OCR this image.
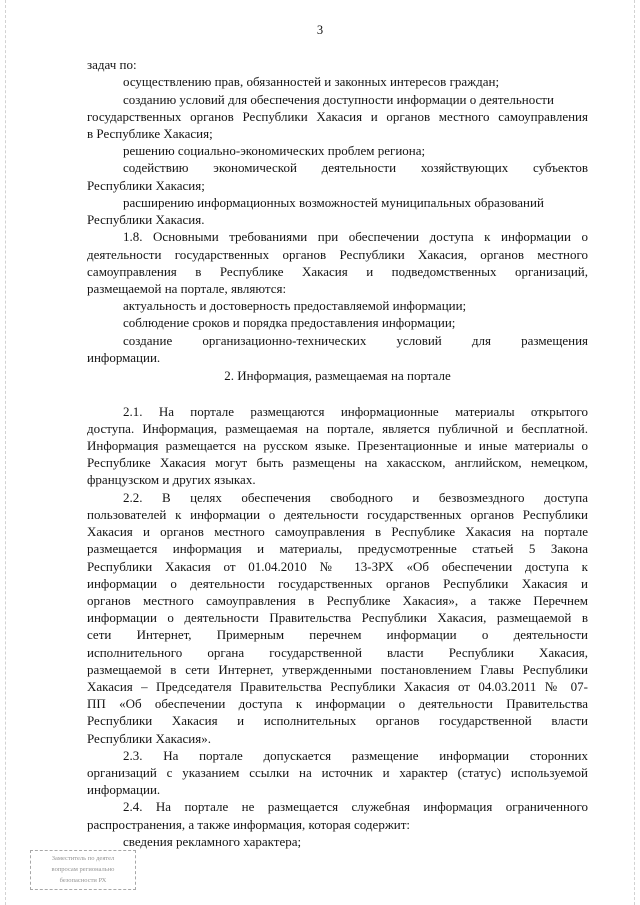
3
задач по:
осуществлению прав, обязанностей и законных интересов граждан;
созданию условий для обеспечения доступности информации о деятельности
государственных органов Республики Хакасия и органов местного самоуправления
в Республике Хакасия;
решению социально-экономических проблем региона;
содействию экономической деятельности хозяйствующих субъектов
Республики Хакасия;
расширению информационных возможностей муниципальных образований
Республики Хакасия.
1.8. Основными требованиями при обеспечении доступа к информации о
деятельности государственных органов Республики Хакасия, органов местного
самоуправления в Республике Хакасия и подведомственных организаций,
размещаемой на портале, являются:
актуальность и достоверность предоставляемой информации;
соблюдение сроков и порядка предоставления информации;
создание организационно-технических условий для размещения
информации.
2. Информация, размещаемая на портале
2.1. На портале размещаются информационные материалы открытого
доступа. Информация, размещаемая на портале, является публичной и бесплатной.
Информация размещается на русском языке. Презентационные и иные материалы о
Республике Хакасия могут быть размещены на хакасском, английском, немецком,
французском и других языках.
2.2. В целях обеспечения свободного и безвозмездного доступа
пользователей к информации о деятельности государственных органов Республики
Хакасия и органов местного самоуправления в Республике Хакасия на портале
размещается информация и материалы, предусмотренные статьей 5 Закона
Республики Хакасия от 01.04.2010 № 13-ЗРХ «Об обеспечении доступа к
информации о деятельности государственных органов Республики Хакасия и
органов местного самоуправления в Республике Хакасия», а также Перечнем
информации о деятельности Правительства Республики Хакасия, размещаемой в
сети Интернет, Примерным перечнем информации о деятельности
исполнительного органа государственной власти Республики Хакасия,
размещаемой в сети Интернет, утвержденными постановлением Главы Республики
Хакасия – Председателя Правительства Республики Хакасия от 04.03.2011 № 07-
ПП «Об обеспечении доступа к информации о деятельности Правительства
Республики Хакасия и исполнительных органов государственной власти
Республики Хакасия».
2.3. На портале допускается размещение информации сторонних
организаций с указанием ссылки на источник и характер (статус) используемой
информации.
2.4. На портале не размещается служебная информация ограниченного
распространения, а также информация, которая содержит:
сведения рекламного характера;
Заместитель по деятел
вопросам регионально
безопасности РХ
